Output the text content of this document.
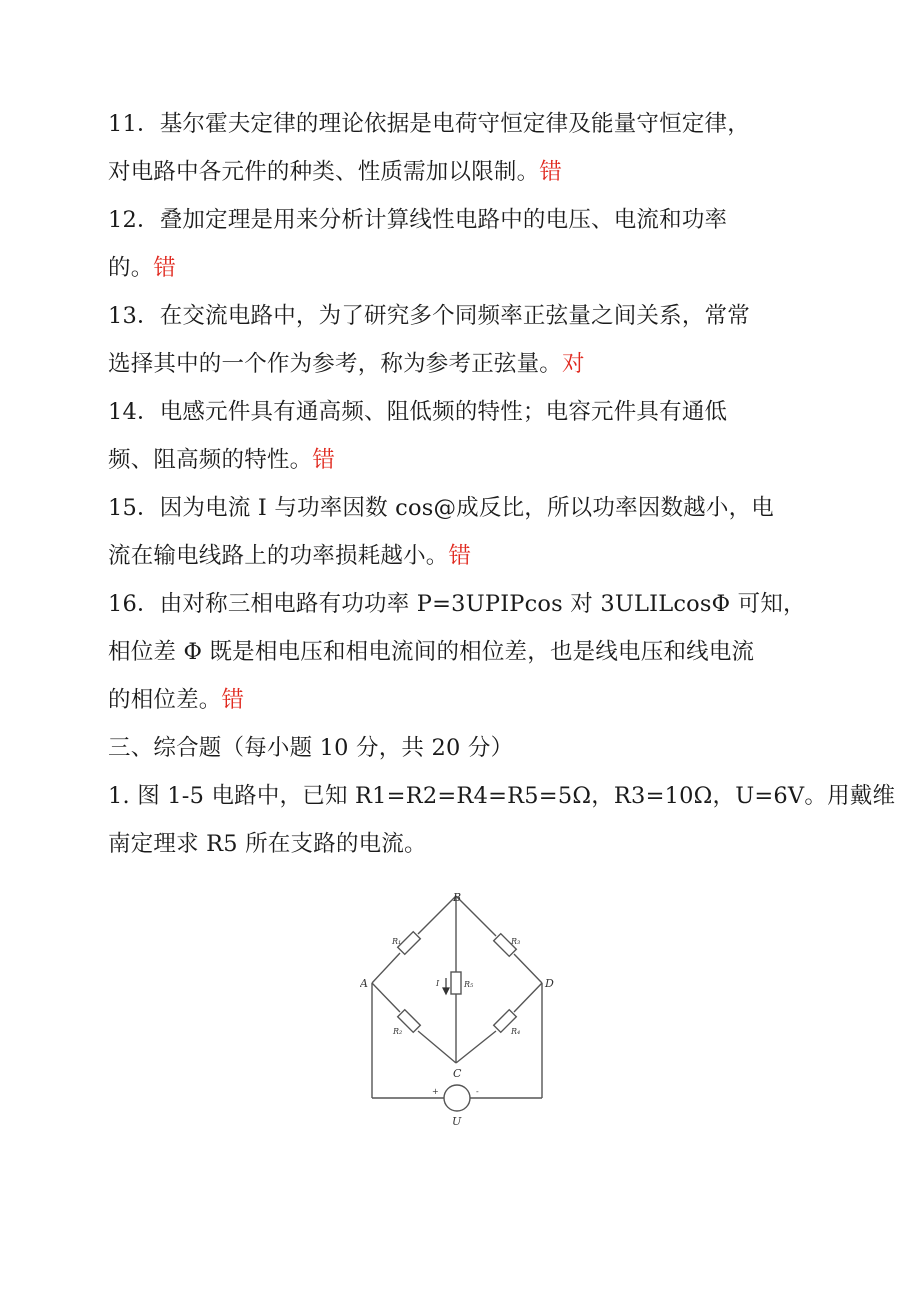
11．基尔霍夫定律的理论依据是电荷守恒定律及能量守恒定律，
对电路中各元件的种类、性质需加以限制。错
12．叠加定理是用来分析计算线性电路中的电压、电流和功率
的。错
13．在交流电路中，为了研究多个同频率正弦量之间关系，常常
选择其中的一个作为参考，称为参考正弦量。对
14．电感元件具有通高频、阻低频的特性；电容元件具有通低
频、阻高频的特性。错
15．因为电流 I 与功率因数 cos@成反比，所以功率因数越小，电
流在输电线路上的功率损耗越小。错
16．由对称三相电路有功功率 P=3UPIPcos 对 3ULILcosΦ 可知，
相位差 Φ 既是相电压和相电流间的相位差，也是线电压和线电流
的相位差。错
三、综合题（每小题 10 分，共 20 分）
1. 图 1-5 电路中，已知 R1=R2=R4=R5=5Ω，R3=10Ω，U=6V。用戴维
南定理求 R5 所在支路的电流。
B
A	D
C
U
R₁	R₃
R₂	R₄
R₅
I
+	-
